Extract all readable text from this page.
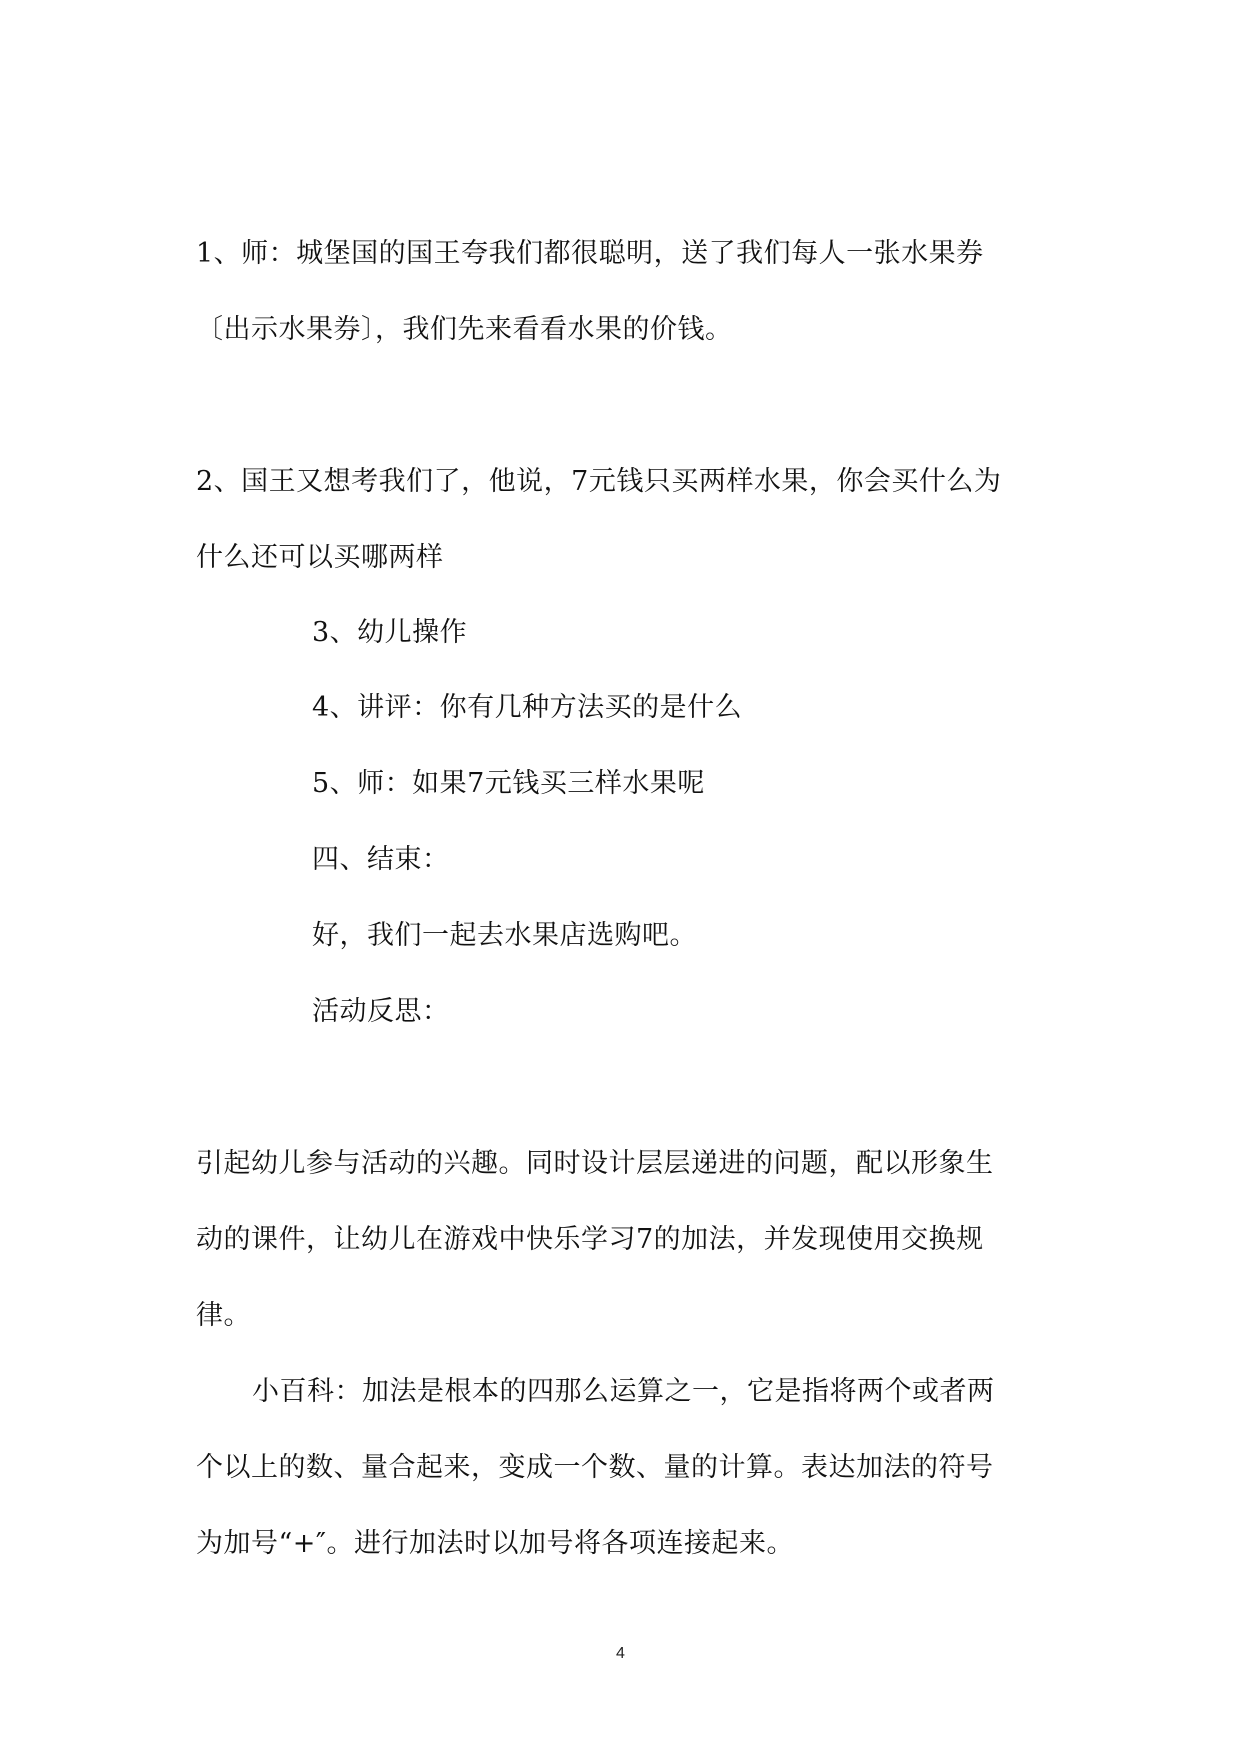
1、师：城堡国的国王夸我们都很聪明，送了我们每人一张水果券
〔出示水果券〕，我们先来看看水果的价钱。
2、国王又想考我们了，他说，7元钱只买两样水果，你会买什么为
什么还可以买哪两样
3、幼儿操作
4、讲评：你有几种方法买的是什么
5、师：如果7元钱买三样水果呢
四、结束：
好，我们一起去水果店选购吧。
活动反思：
引起幼儿参与活动的兴趣。同时设计层层递进的问题，配以形象生
动的课件，让幼儿在游戏中快乐学习7的加法，并发现使用交换规
律。
小百科：加法是根本的四那么运算之一，它是指将两个或者两
个以上的数、量合起来，变成一个数、量的计算。表达加法的符号
为加号“+″。进行加法时以加号将各项连接起来。
4
